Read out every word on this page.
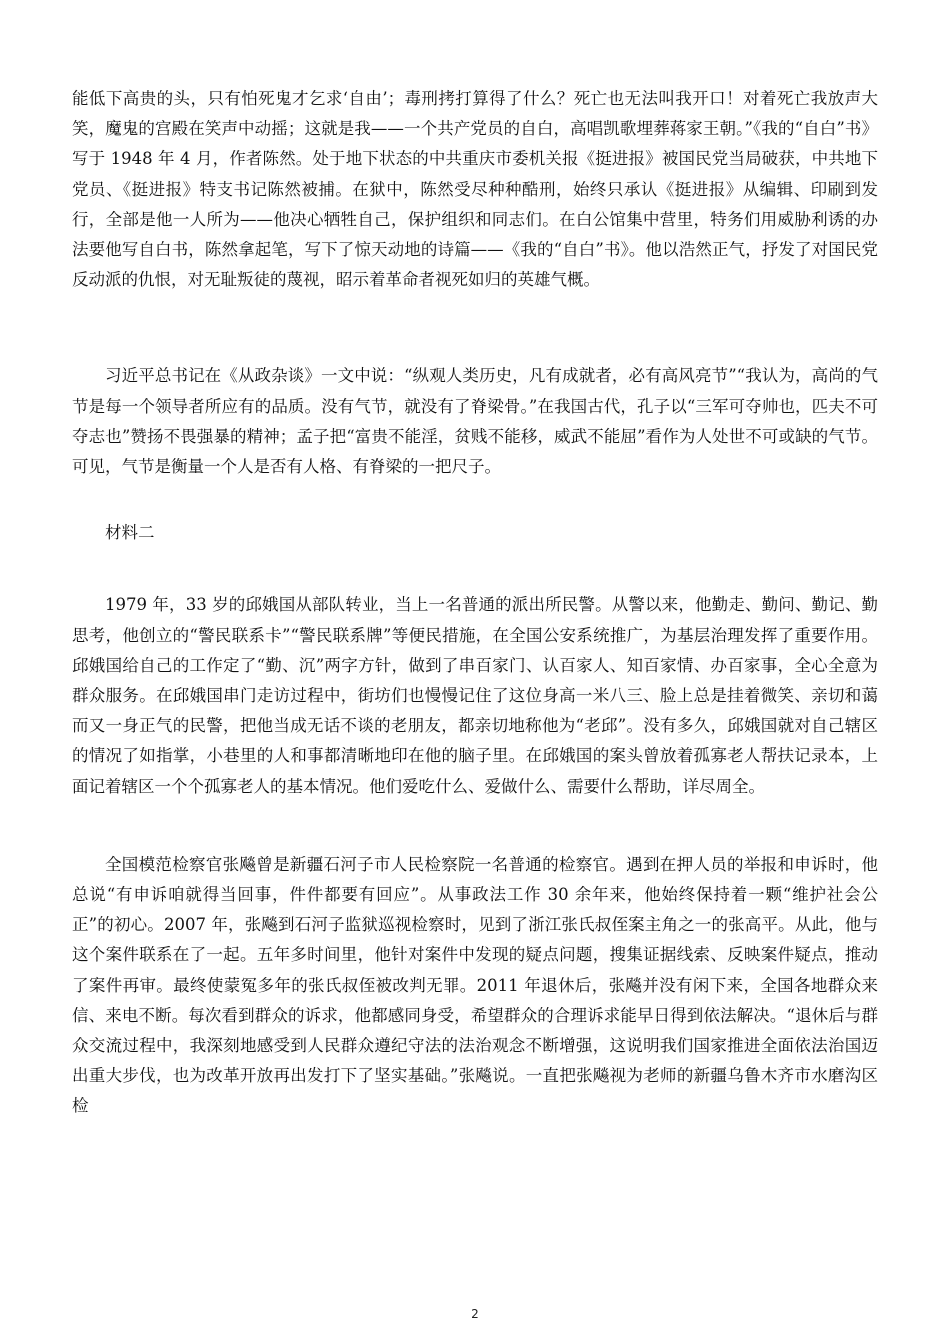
能低下高贵的头，只有怕死鬼才乞求‘自由’；毒刑拷打算得了什么？死亡也无法叫我开口！对着死亡我放声大笑，魔鬼的宫殿在笑声中动摇；这就是我——一个共产党员的自白，高唱凯歌埋葬蒋家王朝。”《我的“自白”书》写于 1948 年 4 月，作者陈然。处于地下状态的中共重庆市委机关报《挺进报》被国民党当局破获，中共地下党员、《挺进报》特支书记陈然被捕。在狱中，陈然受尽种种酷刑，始终只承认《挺进报》从编辑、印刷到发行，全部是他一人所为——他决心牺牲自己，保护组织和同志们。在白公馆集中营里，特务们用威胁利诱的办法要他写自白书，陈然拿起笔，写下了惊天动地的诗篇——《我的“自白”书》。他以浩然正气，抒发了对国民党反动派的仇恨，对无耻叛徒的蔑视，昭示着革命者视死如归的英雄气概。

习近平总书记在《从政杂谈》一文中说：“纵观人类历史，凡有成就者，必有高风亮节”“我认为，高尚的气节是每一个领导者所应有的品质。没有气节，就没有了脊梁骨。”在我国古代，孔子以“三军可夺帅也，匹夫不可夺志也”赞扬不畏强暴的精神；孟子把“富贵不能淫，贫贱不能移，威武不能屈”看作为人处世不可或缺的气节。可见，气节是衡量一个人是否有人格、有脊梁的一把尺子。

材料二

1979 年，33 岁的邱娥国从部队转业，当上一名普通的派出所民警。从警以来，他勤走、勤问、勤记、勤思考，他创立的“警民联系卡”“警民联系牌”等便民措施，在全国公安系统推广，为基层治理发挥了重要作用。邱娥国给自己的工作定了“勤、沉”两字方针，做到了串百家门、认百家人、知百家情、办百家事，全心全意为群众服务。在邱娥国串门走访过程中，街坊们也慢慢记住了这位身高一米八三、脸上总是挂着微笑、亲切和蔼而又一身正气的民警，把他当成无话不谈的老朋友，都亲切地称他为“老邱”。没有多久，邱娥国就对自己辖区的情况了如指掌，小巷里的人和事都清晰地印在他的脑子里。在邱娥国的案头曾放着孤寡老人帮扶记录本，上面记着辖区一个个孤寡老人的基本情况。他们爱吃什么、爱做什么、需要什么帮助，详尽周全。

全国模范检察官张飚曾是新疆石河子市人民检察院一名普通的检察官。遇到在押人员的举报和申诉时，他总说“有申诉咱就得当回事，件件都要有回应”。从事政法工作 30 余年来，他始终保持着一颗“维护社会公正”的初心。2007 年，张飚到石河子监狱巡视检察时，见到了浙江张氏叔侄案主角之一的张高平。从此，他与这个案件联系在了一起。五年多时间里，他针对案件中发现的疑点问题，搜集证据线索、反映案件疑点，推动了案件再审。最终使蒙冤多年的张氏叔侄被改判无罪。2011 年退休后，张飚并没有闲下来，全国各地群众来信、来电不断。每次看到群众的诉求，他都感同身受，希望群众的合理诉求能早日得到依法解决。“退休后与群众交流过程中，我深刻地感受到人民群众遵纪守法的法治观念不断增强，这说明我们国家推进全面依法治国迈出重大步伐，也为改革开放再出发打下了坚实基础。”张飚说。一直把张飚视为老师的新疆乌鲁木齐市水磨沟区检

2
